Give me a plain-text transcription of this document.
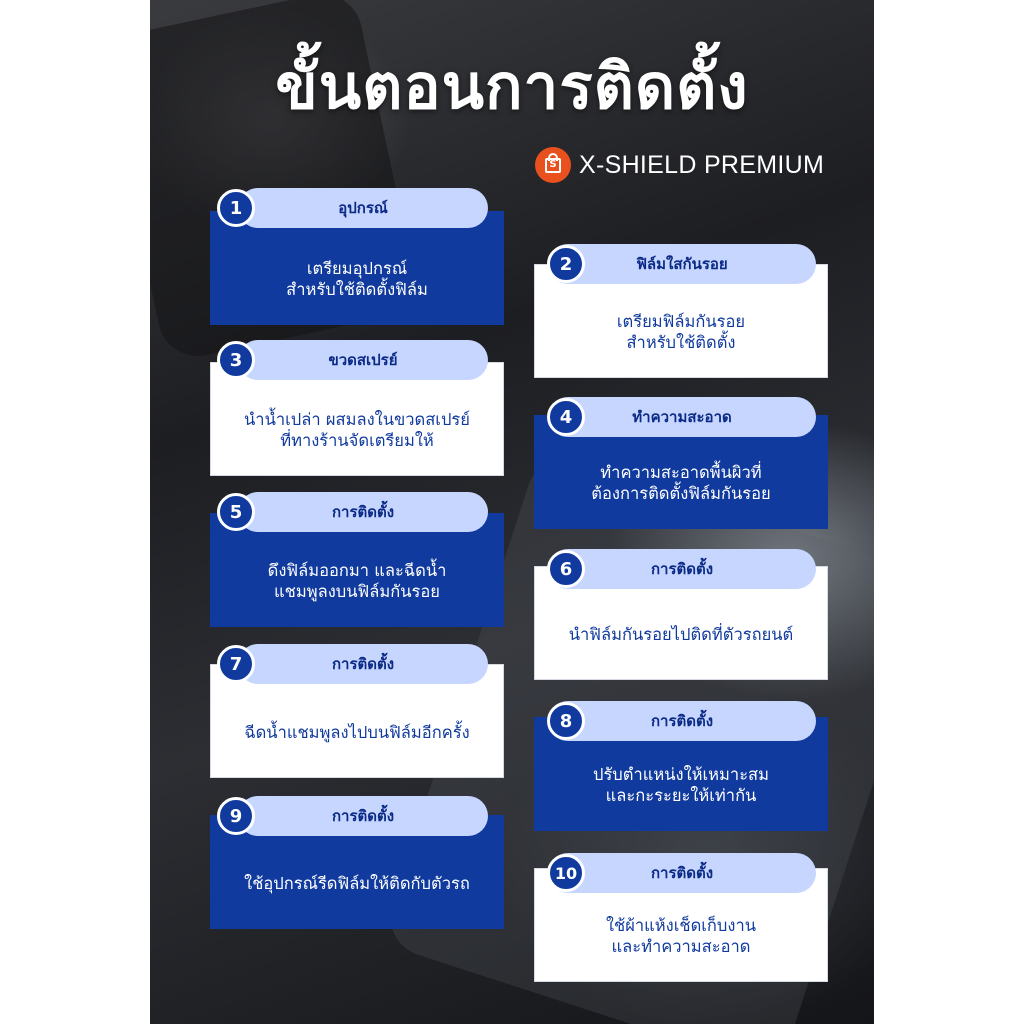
ขั้นตอนการติดตั้ง
S X-SHIELD PREMIUM
เตรียมอุปกรณ์
สำหรับใช้ติดตั้งฟิล์ม
อุปกรณ์
1
เตรียมฟิล์มกันรอย
สำหรับใช้ติดตั้ง
ฟิล์มใสกันรอย
2
นำน้ำเปล่า ผสมลงในขวดสเปรย์
ที่ทางร้านจัดเตรียมให้
ขวดสเปรย์
3
ทำความสะอาดพื้นผิวที่
ต้องการติดตั้งฟิล์มกันรอย
ทำความสะอาด
4
ดึงฟิล์มออกมา และฉีดน้ำ
แชมพูลงบนฟิล์มกันรอย
การติดตั้ง
5
นำฟิล์มกันรอยไปติดที่ตัวรถยนต์
การติดตั้ง
6
ฉีดน้ำแชมพูลงไปบนฟิล์มอีกครั้ง
การติดตั้ง
7
ปรับตำแหน่งให้เหมาะสม
และกะระยะให้เท่ากัน
การติดตั้ง
8
ใช้อุปกรณ์รีดฟิล์มให้ติดกับตัวรถ
การติดตั้ง
9
ใช้ผ้าแห้งเช็ดเก็บงาน
และทำความสะอาด
การติดตั้ง
10
